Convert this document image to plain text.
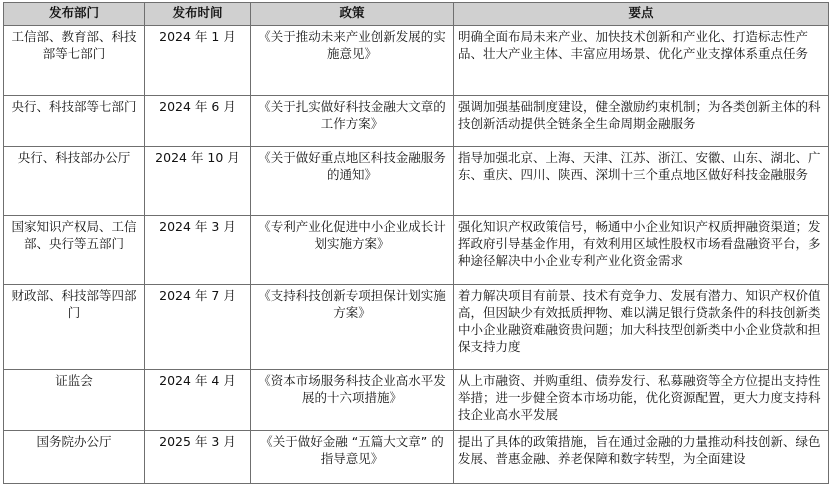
发布部门	发布时间	政策	要点
工信部、教育部、科技部等七部门	2024 年 1 月	《关于推动未来产业创新发展的实施意见》	明确全面布局未来产业、加快技术创新和产业化、打造标志性产品、壮大产业主体、丰富应用场景、优化产业支撑体系重点任务
央行、科技部等七部门	2024 年 6 月	《关于扎实做好科技金融大文章的工作方案》	强调加强基础制度建设，健全激励约束机制；为各类创新主体的科技创新活动提供全链条全生命周期金融服务
央行、科技部办公厅	2024 年 10 月	《关于做好重点地区科技金融服务的通知》	指导加强北京、上海、天津、江苏、浙江、安徽、山东、湖北、广东、重庆、四川、陕西、深圳十三个重点地区做好科技金融服务
国家知识产权局、工信部、央行等五部门	2024 年 3 月	《专利产业化促进中小企业成长计划实施方案》	强化知识产权政策信号，畅通中小企业知识产权质押融资渠道；发挥政府引导基金作用，有效利用区域性股权市场看盘融资平台，多种途径解决中小企业专利产业化资金需求
财政部、科技部等四部门	2024 年 7 月	《支持科技创新专项担保计划实施方案》	着力解决项目有前景、技术有竞争力、发展有潜力、知识产权价值高，但因缺少有效抵质押物、难以满足银行贷款条件的科技创新类中小企业融资难融资贵问题；加大科技型创新类中小企业贷款和担保支持力度
证监会	2024 年 4 月	《资本市场服务科技企业高水平发展的十六项措施》	从上市融资、并购重组、债券发行、私募融资等全方位提出支持性举措；进一步健全资本市场功能，优化资源配置，更大力度支持科技企业高水平发展
国务院办公厅	2025 年 3 月	《关于做好金融 “五篇大文章” 的指导意见》	提出了具体的政策措施，旨在通过金融的力量推动科技创新、绿色发展、普惠金融、养老保障和数字转型，为全面建设
